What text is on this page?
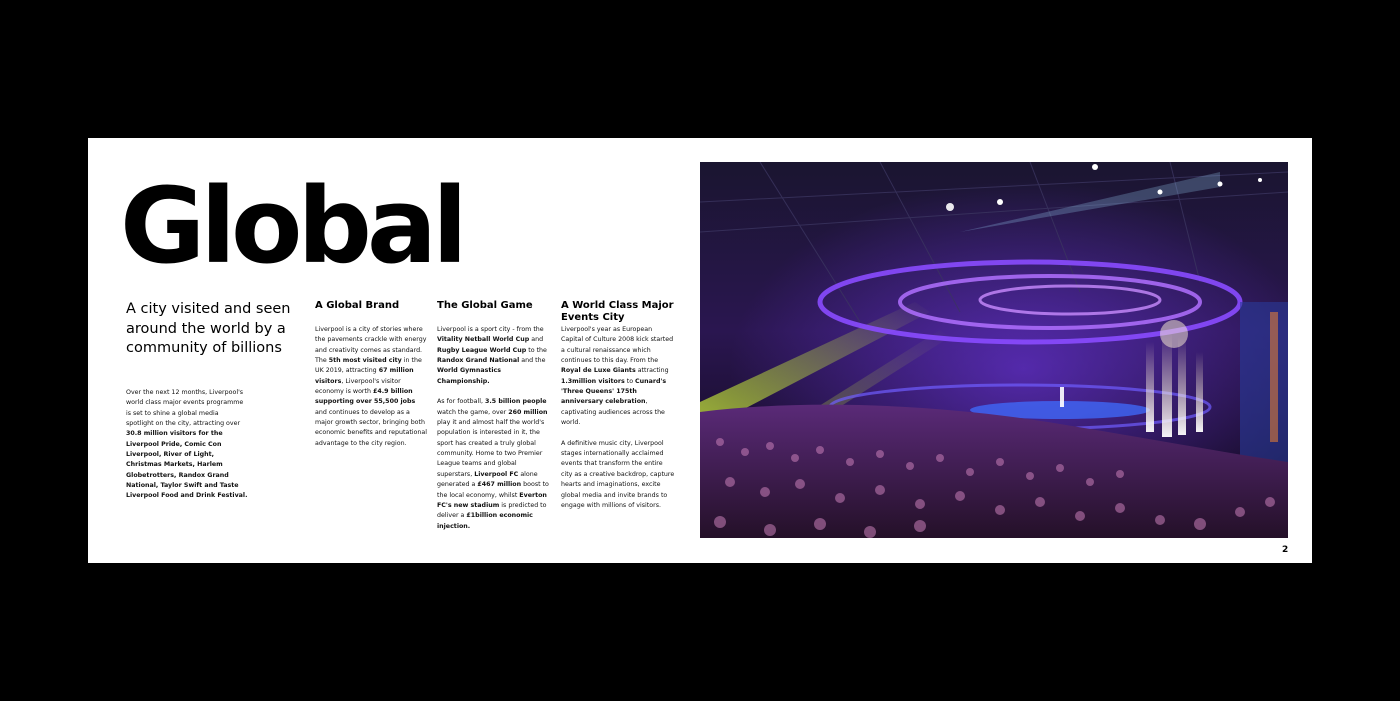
Global
A city visited and seen around the world by a community of billions

Over the next 12 months, Liverpool's world class major events programme is set to shine a global media spotlight on the city, attracting over 30.8 million visitors for the Liverpool Pride, Comic Con Liverpool, River of Light, Christmas Markets, Harlem Globetrotters, Randox Grand National, Taylor Swift and Taste Liverpool Food and Drink Festival.

A Global Brand

Liverpool is a city of stories where the pavements crackle with energy and creativity comes as standard. The 5th most visited city in the UK 2019, attracting 67 million visitors, Liverpool's visitor economy is worth £4.9 billion supporting over 55,500 jobs and continues to develop as a major growth sector, bringing both economic benefits and reputational advantage to the city region.

The Global Game

Liverpool is a sport city - from the Vitality Netball World Cup and Rugby League World Cup to the Randox Grand National and the World Gymnastics Championship.

As for football, 3.5 billion people watch the game, over 260 million play it and almost half the world's population is interested in it, the sport has created a truly global community. Home to two Premier League teams and global superstars, Liverpool FC alone generated a £467 million boost to the local economy, whilst Everton FC's new stadium is predicted to deliver a £1billion economic injection.

A World Class Major Events City

Liverpool's year as European Capital of Culture 2008 kick started a cultural renaissance which continues to this day. From the Royal de Luxe Giants attracting 1.3million visitors to Cunard's 'Three Queens' 175th anniversary celebration, captivating audiences across the world.

A definitive music city, Liverpool stages internationally acclaimed events that transform the entire city as a creative backdrop, capture hearts and imaginations, excite global media and invite brands to engage with millions of visitors.

2
